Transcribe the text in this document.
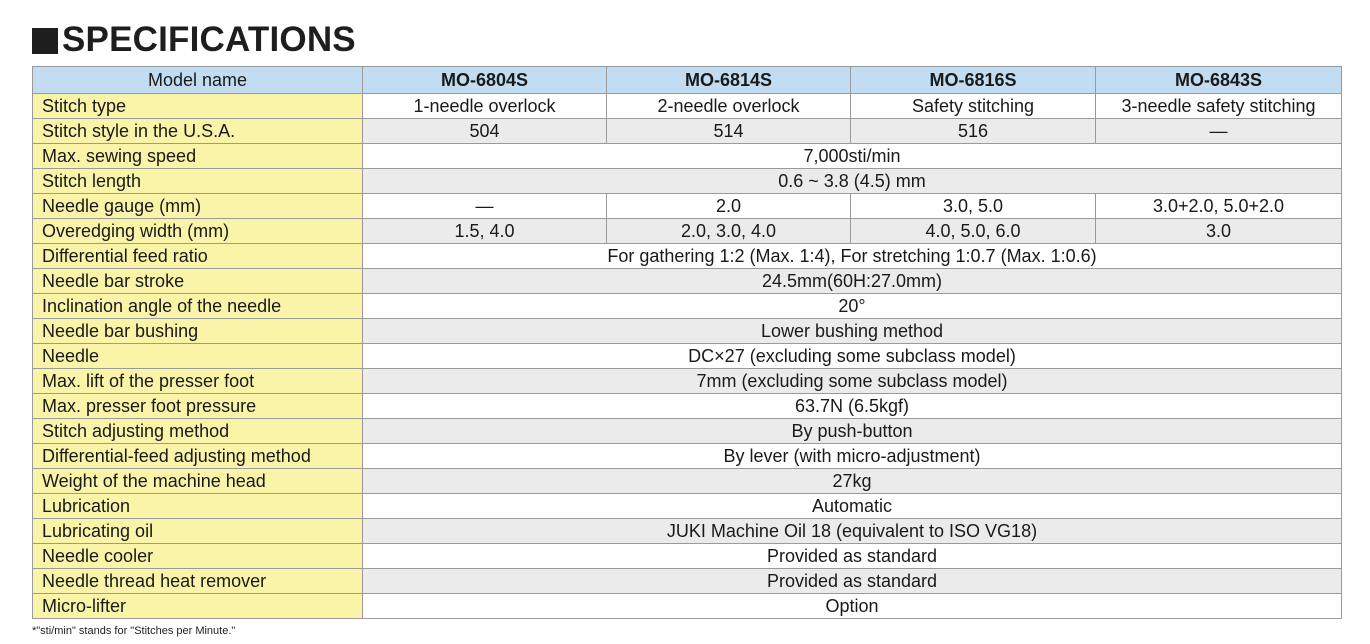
SPECIFICATIONS
Model name	MO-6804S	MO-6814S	MO-6816S	MO-6843S
Stitch type	1-needle overlock	2-needle overlock	Safety stitching	3-needle safety stitching
Stitch style in the U.S.A.	504	514	516	—
Max. sewing speed	7,000sti/min			
Stitch length	0.6 ~ 3.8 (4.5) mm			
Needle gauge (mm)	—	2.0	3.0, 5.0	3.0+2.0, 5.0+2.0
Overedging width (mm)	1.5, 4.0	2.0, 3.0, 4.0	4.0, 5.0, 6.0	3.0
Differential feed ratio	For gathering 1:2 (Max. 1:4), For stretching 1:0.7 (Max. 1:0.6)			
Needle bar stroke	24.5mm(60H:27.0mm)			
Inclination angle of the needle	20°			
Needle bar bushing	Lower bushing method			
Needle	DC×27 (excluding some subclass model)			
Max. lift of the presser foot	7mm (excluding some subclass model)			
Max. presser foot pressure	63.7N (6.5kgf)			
Stitch adjusting method	By push-button			
Differential-feed adjusting method	By lever (with micro-adjustment)			
Weight of the machine head	27kg			
Lubrication	Automatic			
Lubricating oil	JUKI Machine Oil 18 (equivalent to ISO VG18)			
Needle cooler	Provided as standard			
Needle thread heat remover	Provided as standard			
Micro-lifter	Option			
*"sti/min" stands for "Stitches per Minute."
